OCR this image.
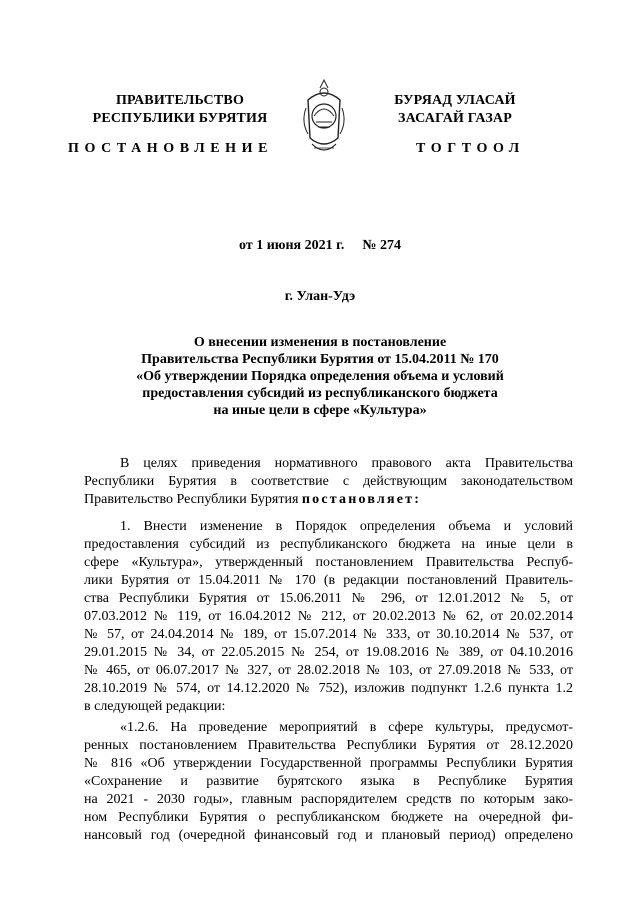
ПРАВИТЕЛЬСТВО
РЕСПУБЛИКИ БУРЯТИЯ
БУРЯАД УЛАСАЙ
ЗАСАГАЙ ГАЗАР
ПОСТАНОВЛЕНИЕ	ТОГТООЛ
от 1 июня 2021 г. № 274
г. Улан-Удэ
О внесении изменения в постановление
Правительства Республики Бурятия от 15.04.2011 № 170
«Об утверждении Порядка определения объема и условий
предоставления субсидий из республиканского бюджета
на иные цели в сфере «Культура»
В целях приведения нормативного правового акта Правительства
Республики Бурятия в соответствие с действующим законодательством
Правительство Республики Бурятия постановляет:
1. Внести изменение в Порядок определения объема и условий
предоставления субсидий из республиканского бюджета на иные цели в
сфере «Культура», утвержденный постановлением Правительства Респуб-
лики Бурятия от 15.04.2011 № 170 (в редакции постановлений Правитель-
ства Республики Бурятия от 15.06.2011 № 296, от 12.01.2012 № 5, от
07.03.2012 № 119, от 16.04.2012 № 212, от 20.02.2013 № 62, от 20.02.2014
№ 57, от 24.04.2014 № 189, от 15.07.2014 № 333, от 30.10.2014 № 537, от
29.01.2015 № 34, от 22.05.2015 № 254, от 19.08.2016 № 389, от 04.10.2016
№ 465, от 06.07.2017 № 327, от 28.02.2018 № 103, от 27.09.2018 № 533, от
28.10.2019 № 574, от 14.12.2020 № 752), изложив подпункт 1.2.6 пункта 1.2
в следующей редакции:
«1.2.6. На проведение мероприятий в сфере культуры, предусмот-
ренных постановлением Правительства Республики Бурятия от 28.12.2020
№ 816 «Об утверждении Государственной программы Республики Бурятия
«Сохранение и развитие бурятского языка в Республике Бурятия
на 2021 - 2030 годы», главным распорядителем средств по которым зако-
ном Республики Бурятия о республиканском бюджете на очередной фи-
нансовый год (очередной финансовый год и плановый период) определено
